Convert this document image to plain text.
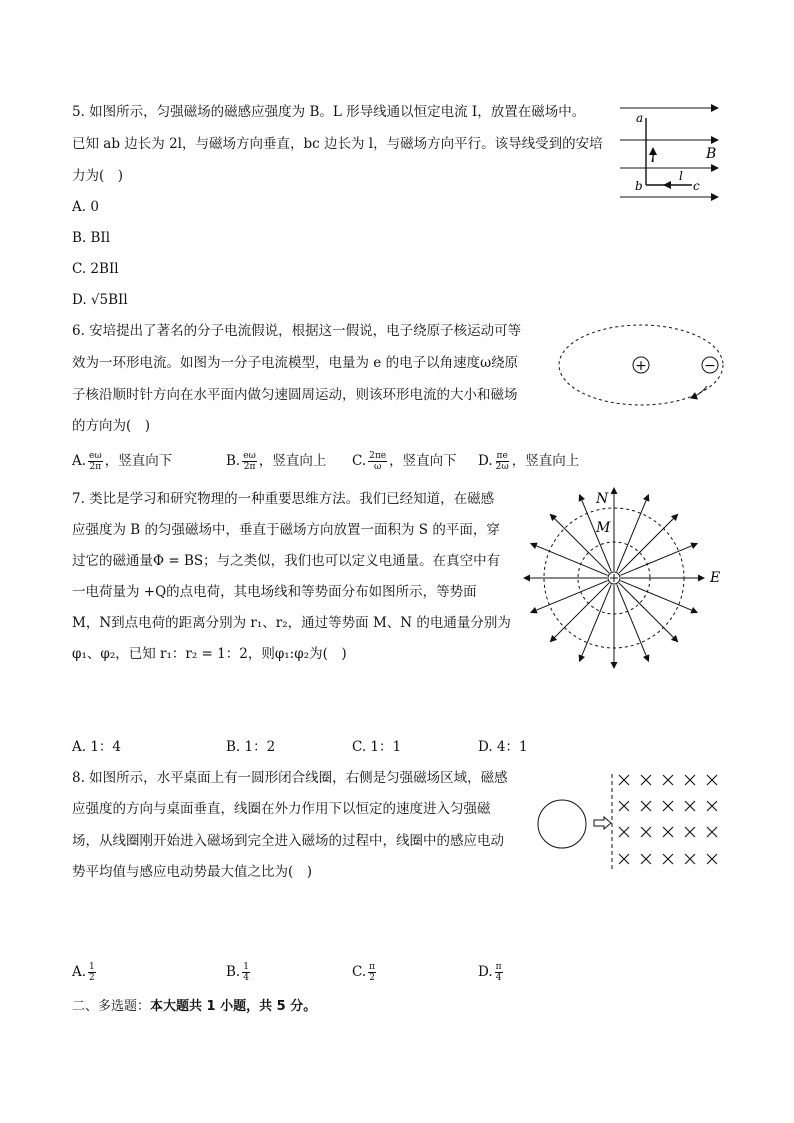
5. 如图所示，匀强磁场的磁感应强度为 B。L 形导线通以恒定电流 I，放置在磁场中。
已知 ab 边长为 2l，与磁场方向垂直，bc 边长为 l，与磁场方向平行。该导线受到的安培
力为(　)
A. 0
B. BIl
C. 2BIl
D. √5BIl
a
b	c
B
l
l
6. 安培提出了著名的分子电流假说，根据这一假说，电子绕原子核运动可等
效为一环形电流。如图为一分子电流模型，电量为 e 的电子以角速度ω绕原
子核沿顺时针方向在水平面内做匀速圆周运动，则该环形电流的大小和磁场
的方向为(　)
A. $\frac{e\omega}{2\pi}$ ，竖直向下	B. $\frac{e\omega}{2\pi}$ ，竖直向上 C. $\frac{2\pi e}{\omega}$ ，竖直向下 D. $\frac{\pi e}{2\omega}$ ，竖直向上
+	−
7. 类比是学习和研究物理的一种重要思维方法。我们已经知道，在磁感
应强度为 B 的匀强磁场中，垂直于磁场方向放置一面积为 S 的平面，穿
过它的磁通量Φ = BS；与之类似，我们也可以定义电通量。在真空中有
一电荷量为 +Q的点电荷，其电场线和等势面分布如图所示，等势面
M，N到点电荷的距离分别为 r₁、r₂，通过等势面 M、N 的电通量分别为
φ₁、φ₂，已知 r₁：r₂ = 1：2，则φ₁:φ₂为(　)
A. 1：4	B. 1：2	C. 1：1	D. 4：1
N
M
E
8. 如图所示，水平桌面上有一圆形闭合线圈，右侧是匀强磁场区域，磁感
应强度的方向与桌面垂直，线圈在外力作用下以恒定的速度进入匀强磁
场，从线圈刚开始进入磁场到完全进入磁场的过程中，线圈中的感应电动
势平均值与感应电动势最大值之比为(　)
A. $\frac{1}{2}$	B. $\frac{1}{4}$	C. $\frac{\pi}{2}$	D. $\frac{\pi}{4}$
二、多选题：本大题共 1 小题，共 5 分。
